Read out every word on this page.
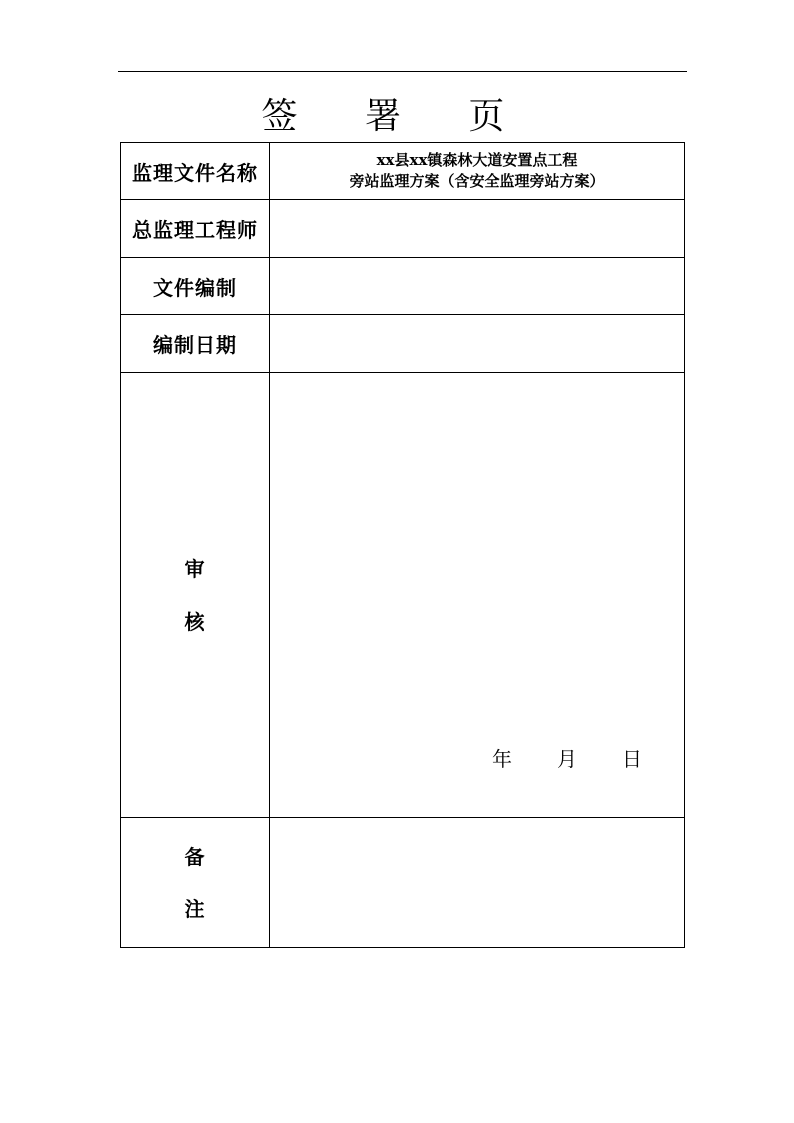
签 署 页
监理文件名称	xx县xx镇森林大道安置点工程
旁站监理方案（含安全监理旁站方案）

总监理工程师	
文件编制	
编制日期	

审
核	年 月 日

备
注	
